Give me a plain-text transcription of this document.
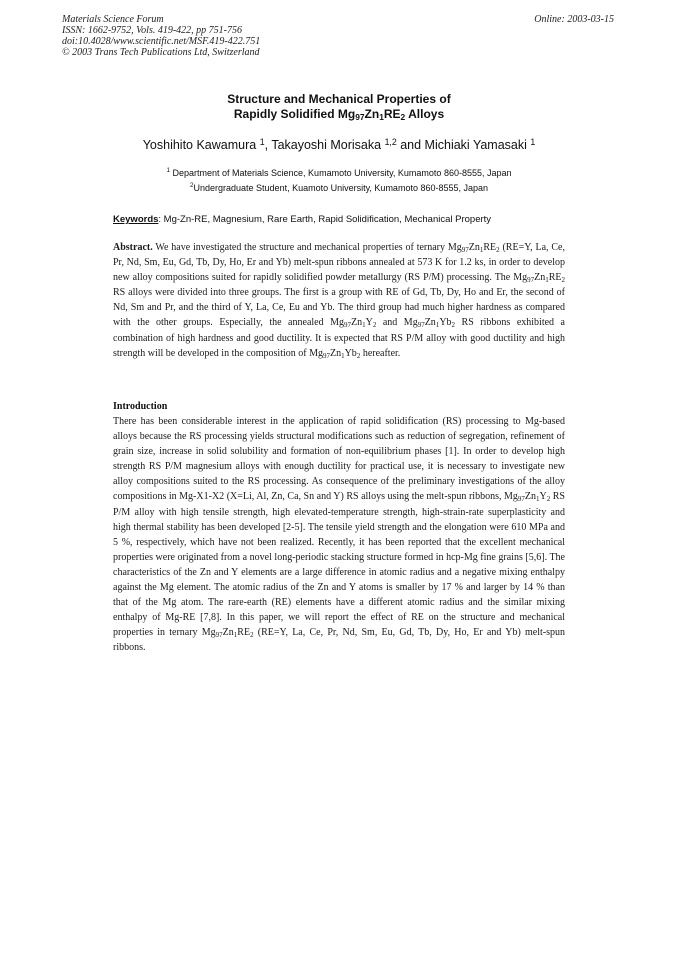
Materials Science Forum
ISSN: 1662-9752, Vols. 419-422, pp 751-756
doi:10.4028/www.scientific.net/MSF.419-422.751
© 2003 Trans Tech Publications Ltd, Switzerland
Online: 2003-03-15
Structure and Mechanical Properties of
Rapidly Solidified $Mg_{97}Zn_1RE_2$ Alloys
Yoshihito Kawamura $^1$, Takayoshi Morisaka $^{1,2}$ and Michiaki Yamasaki $^1$
$^1$ Department of Materials Science, Kumamoto University, Kumamoto 860-8555, Japan
$^2$Undergraduate Student, Kuamoto University, Kumamoto 860-8555, Japan
Keywords: Mg-Zn-RE, Magnesium, Rare Earth, Rapid Solidification, Mechanical Property
Abstract. We have investigated the structure and mechanical properties of ternary $Mg_{97}Zn_1RE_2$ (RE=Y, La, Ce, Pr, Nd, Sm, Eu, Gd, Tb, Dy, Ho, Er and Yb) melt-spun ribbons annealed at 573 K for 1.2 ks, in order to develop new alloy compositions suited for rapidly solidified powder metallurgy (RS P/M) processing. The $Mg_{97}Zn_1RE_2$ RS alloys were divided into three groups. The first is a group with RE of Gd, Tb, Dy, Ho and Er, the second of Nd, Sm and Pr, and the third of Y, La, Ce, Eu and Yb. The third group had much higher hardness as compared with the other groups. Especially, the annealed $Mg_{97}Zn_1Y_2$ and $Mg_{97}Zn_1Yb_2$ RS ribbons exhibited a combination of high hardness and good ductility. It is expected that RS P/M alloy with good ductility and high strength will be developed in the composition of $Mg_{97}Zn_1Yb_2$ hereafter.
Introduction
There has been considerable interest in the application of rapid solidification (RS) processing to Mg-based alloys because the RS processing yields structural modifications such as reduction of segregation, refinement of grain size, increase in solid solubility and formation of non-equilibrium phases [1]. In order to develop high strength RS P/M magnesium alloys with enough ductility for practical use, it is necessary to investigate new alloy compositions suited to the RS processing. As consequence of the preliminary investigations of the alloy compositions in Mg-X1-X2 (X=Li, Al, Zn, Ca, Sn and Y) RS alloys using the melt-spun ribbons, $Mg_{97}Zn_1Y_2$ RS P/M alloy with high tensile strength, high elevated-temperature strength, high-strain-rate superplasticity and high thermal stability has been developed [2-5]. The tensile yield strength and the elongation were 610 MPa and 5 %, respectively, which have not been realized. Recently, it has been reported that the excellent mechanical properties were originated from a novel long-periodic stacking structure formed in hcp-Mg fine grains [5,6]. The characteristics of the Zn and Y elements are a large difference in atomic radius and a negative mixing enthalpy against the Mg element. The atomic radius of the Zn and Y atoms is smaller by 17 % and larger by 14 % than that of the Mg atom. The rare-earth (RE) elements have a different atomic radius and the similar mixing enthalpy of Mg-RE [7,8]. In this paper, we will report the effect of RE on the structure and mechanical properties in ternary $Mg_{97}Zn_1RE_2$ (RE=Y, La, Ce, Pr, Nd, Sm, Eu, Gd, Tb, Dy, Ho, Er and Yb) melt-spun ribbons.
